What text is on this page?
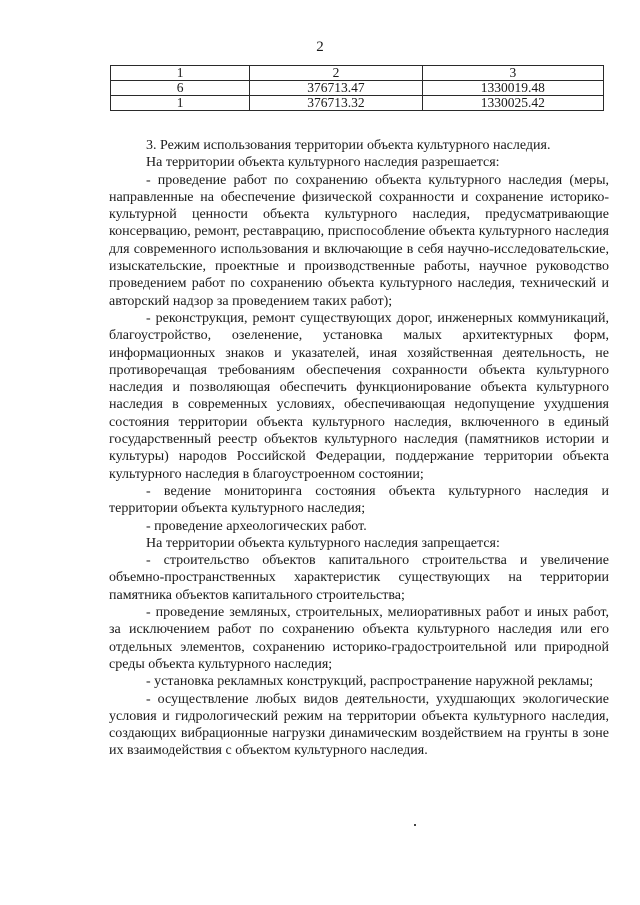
2
1	2	3
6	376713.47	1330019.48
1	376713.32	1330025.42

3. Режим использования территории объекта культурного наследия.

На территории объекта культурного наследия разрешается:

- проведение работ по сохранению объекта культурного наследия (меры, направленные на обеспечение физической сохранности и сохранение историко-культурной ценности объекта культурного наследия, предусматривающие консервацию, ремонт, реставрацию, приспособление объекта культурного наследия для современного использования и включающие в себя научно-исследовательские, изыскательские, проектные и производственные работы, научное руководство проведением работ по сохранению объекта культурного наследия, технический и авторский надзор за проведением таких работ);

- реконструкция, ремонт существующих дорог, инженерных коммуникаций, благоустройство, озеленение, установка малых архитектурных форм, информационных знаков и указателей, иная хозяйственная деятельность, не противоречащая требованиям обеспечения сохранности объекта культурного наследия и позволяющая обеспечить функционирование объекта культурного наследия в современных условиях, обеспечивающая недопущение ухудшения состояния территории объекта культурного наследия, включенного в единый государственный реестр объектов культурного наследия (памятников истории и культуры) народов Российской Федерации, поддержание территории объекта культурного наследия в благоустроенном состоянии;

- ведение мониторинга состояния объекта культурного наследия и территории объекта культурного наследия;

- проведение археологических работ.

На территории объекта культурного наследия запрещается:

- строительство объектов капитального строительства и увеличение объемно-пространственных характеристик существующих на территории памятника объектов капитального строительства;

- проведение земляных, строительных, мелиоративных работ и иных работ, за исключением работ по сохранению объекта культурного наследия или его отдельных элементов, сохранению историко-градостроительной или природной среды объекта культурного наследия;

- установка рекламных конструкций, распространение наружной рекламы;

- осуществление любых видов деятельности, ухудшающих экологические условия и гидрологический режим на территории объекта культурного наследия, создающих вибрационные нагрузки динамическим воздействием на грунты в зоне их взаимодействия с объектом культурного наследия.
